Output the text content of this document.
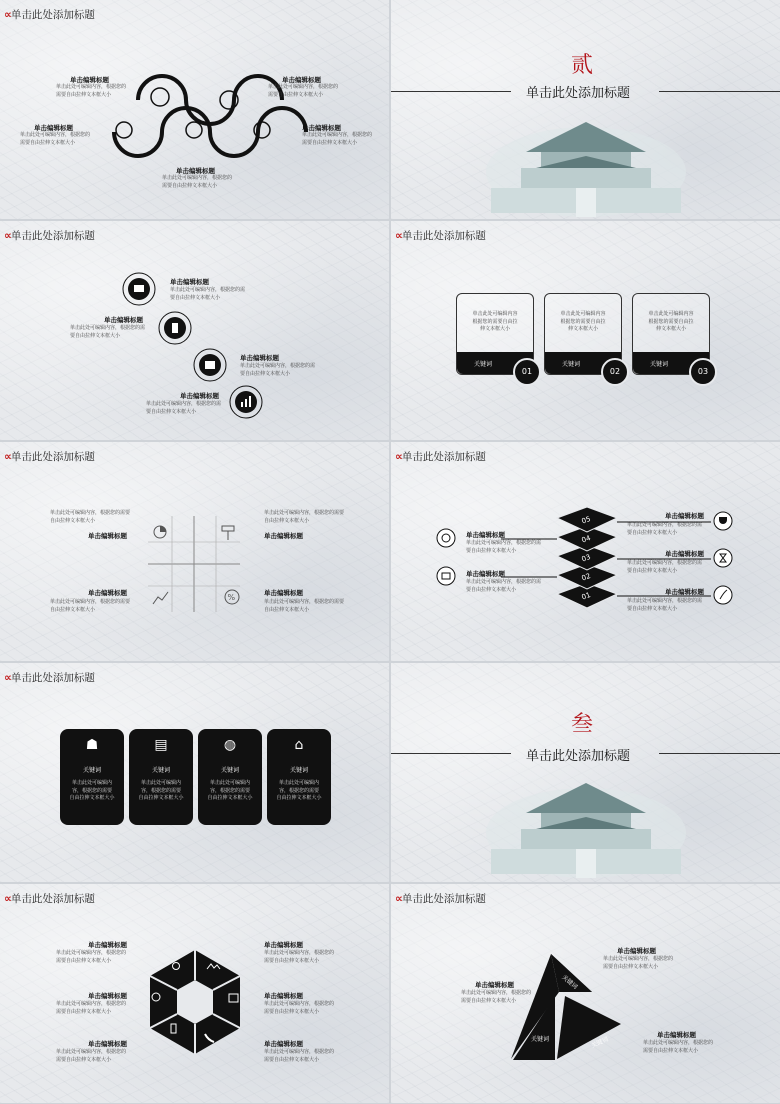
∝ 单击此处添加标题
单击编辑标题
单击此处可编辑内容，根据您的
需要自由拉伸文本框大小
单击编辑标题
单击此处可编辑内容，根据您的
需要自由拉伸文本框大小
单击编辑标题
单击此处可编辑内容，根据您的
需要自由拉伸文本框大小
单击编辑标题
单击此处可编辑内容，根据您的
需要自由拉伸文本框大小
单击编辑标题
单击此处可编辑内容，根据您的
需要自由拉伸文本框大小
贰
单击此处添加标题
∝ 单击此处添加标题
单击编辑标题
单击此处可编辑内容，根据您的需
要自由拉伸文本框大小
单击编辑标题
单击此处可编辑内容，根据您的需
要自由拉伸文本框大小
单击编辑标题
单击此处可编辑内容，根据您的需
要自由拉伸文本框大小
单击编辑标题
单击此处可编辑内容，根据您的需
要自由拉伸文本框大小
∝ 单击此处添加标题
单击此处可编辑内容
根据您的需要自由拉
伸文本框大小
关键词
01
单击此处可编辑内容
根据您的需要自由拉
伸文本框大小
关键词
02
单击此处可编辑内容
根据您的需要自由拉
伸文本框大小
关键词
03
∝ 单击此处添加标题
%
单击此处可编辑内容，根据您的需要
自由拉伸文本框大小
单击编辑标题
单击此处可编辑内容，根据您的需要
自由拉伸文本框大小
单击编辑标题
单击编辑标题
单击此处可编辑内容，根据您的需要
自由拉伸文本框大小
单击编辑标题
单击此处可编辑内容，根据您的需要
自由拉伸文本框大小
∝ 单击此处添加标题
01
02
03
04
05
单击编辑标题
单击此处可编辑内容，根据您的需
要自由拉伸文本框大小
单击编辑标题
单击此处可编辑内容，根据您的需
要自由拉伸文本框大小
单击编辑标题
单击此处可编辑内容，根据您的需
要自由拉伸文本框大小
单击编辑标题
单击此处可编辑内容，根据您的需
要自由拉伸文本框大小
单击编辑标题
单击此处可编辑内容，根据您的需
要自由拉伸文本框大小
∝ 单击此处添加标题
☗
关键词
单击此处可编辑内
容，根据您的需要
自由拉伸文本框大小
▤
关键词
单击此处可编辑内
容，根据您的需要
自由拉伸文本框大小
◍
关键词
单击此处可编辑内
容，根据您的需要
自由拉伸文本框大小
⌂
关键词
单击此处可编辑内
容，根据您的需要
自由拉伸文本框大小
叁
单击此处添加标题
∝ 单击此处添加标题
单击编辑标题
单击此处可编辑内容，根据您的
需要自由拉伸文本框大小
单击编辑标题
单击此处可编辑内容，根据您的
需要自由拉伸文本框大小
单击编辑标题
单击此处可编辑内容，根据您的
需要自由拉伸文本框大小
单击编辑标题
单击此处可编辑内容，根据您的
需要自由拉伸文本框大小
单击编辑标题
单击此处可编辑内容，根据您的
需要自由拉伸文本框大小
单击编辑标题
单击此处可编辑内容，根据您的
需要自由拉伸文本框大小
∝ 单击此处添加标题
关键词
关键词	关键词
单击编辑标题
单击此处可编辑内容，根据您的
需要自由拉伸文本框大小
单击编辑标题
单击此处可编辑内容，根据您的
需要自由拉伸文本框大小
单击编辑标题
单击此处可编辑内容，根据您的
需要自由拉伸文本框大小
